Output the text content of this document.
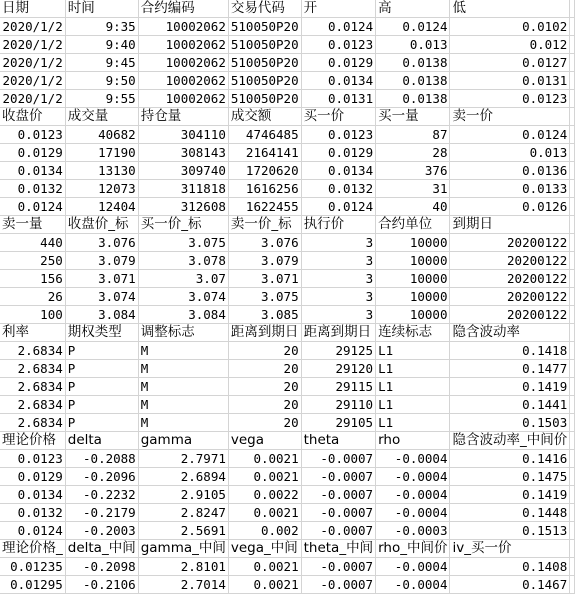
日期	时间	合约编码	交易代码	开	高	低	
2020/1/2	9:35	10002062	510050P20	0.0124	0.0124	0.0102	
2020/1/2	9:40	10002062	510050P20	0.0123	0.013	0.012	
2020/1/2	9:45	10002062	510050P20	0.0129	0.0138	0.0127	
2020/1/2	9:50	10002062	510050P20	0.0134	0.0138	0.0131	
2020/1/2	9:55	10002062	510050P20	0.0131	0.0138	0.0123	
收盘价	成交量	持仓量	成交额	买一价	买一量	卖一价	
0.0123	40682	304110	4746485	0.0123	87	0.0124	
0.0129	17190	308143	2164141	0.0129	28	0.013	
0.0134	13130	309740	1720620	0.0134	376	0.0136	
0.0132	12073	311818	1616256	0.0132	31	0.0133	
0.0124	12404	312608	1622455	0.0124	40	0.0126	
卖一量	收盘价_标	买一价_标	卖一价_标	执行价	合约单位	到期日	
440	3.076	3.075	3.076	3	10000	20200122	
250	3.079	3.078	3.079	3	10000	20200122	
156	3.071	3.07	3.071	3	10000	20200122	
26	3.074	3.074	3.075	3	10000	20200122	
100	3.084	3.084	3.085	3	10000	20200122	
利率	期权类型	调整标志	距离到期日	距离到期日	连续标志	隐含波动率	
2.6834	P	M	20	29125	L1	0.1418	
2.6834	P	M	20	29120	L1	0.1477	
2.6834	P	M	20	29115	L1	0.1419	
2.6834	P	M	20	29110	L1	0.1441	
2.6834	P	M	20	29105	L1	0.1503	
理论价格	delta	gamma	vega	theta	rho	隐含波动率_中间价	
0.0123	-0.2088	2.7971	0.0021	-0.0007	-0.0004	0.1416	
0.0129	-0.2096	2.6894	0.0021	-0.0007	-0.0004	0.1475	
0.0134	-0.2232	2.9105	0.0022	-0.0007	-0.0004	0.1419	
0.0132	-0.2179	2.8247	0.0021	-0.0007	-0.0004	0.1448	
0.0124	-0.2003	2.5691	0.002	-0.0007	-0.0003	0.1513	
理论价格_	delta_中间	gamma_中间	vega_中间	theta_中间	rho_中间价	iv_买一价	
0.01235	-0.2098	2.8101	0.0021	-0.0007	-0.0004	0.1408	
0.01295	-0.2106	2.7014	0.0021	-0.0007	-0.0004	0.1467	
